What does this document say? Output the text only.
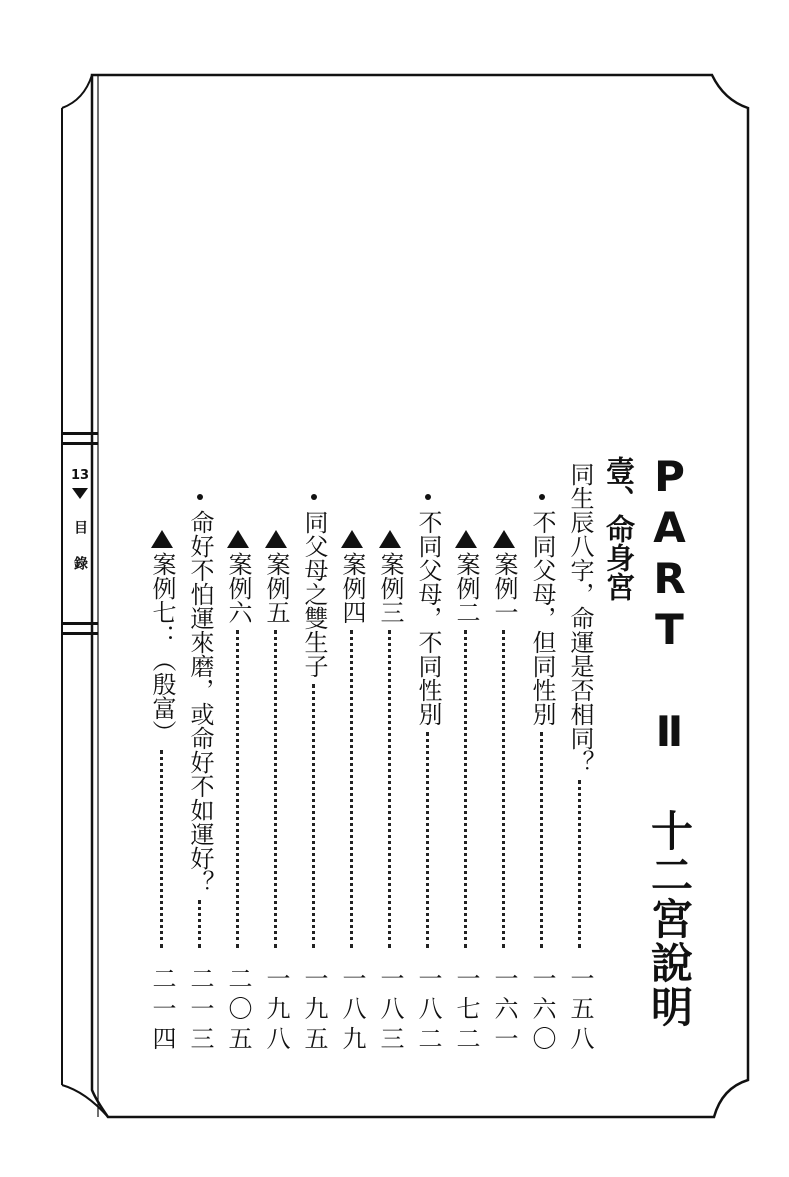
13
目錄	PART Ⅱ 十二宮說明
壹、命身宮
同生辰八字，命運是否相同？
一五八
不同父母，但同性別
一六〇
案例一
一六一
案例二
一七二
不同父母，不同性別
一八二
案例三
一八三
案例四
一八九
同父母之雙生子
一九五
案例五
一九八
案例六
二〇五
命好不怕運來磨，或命好不如運好？
二一三
案例七：（殷富）
二一四
